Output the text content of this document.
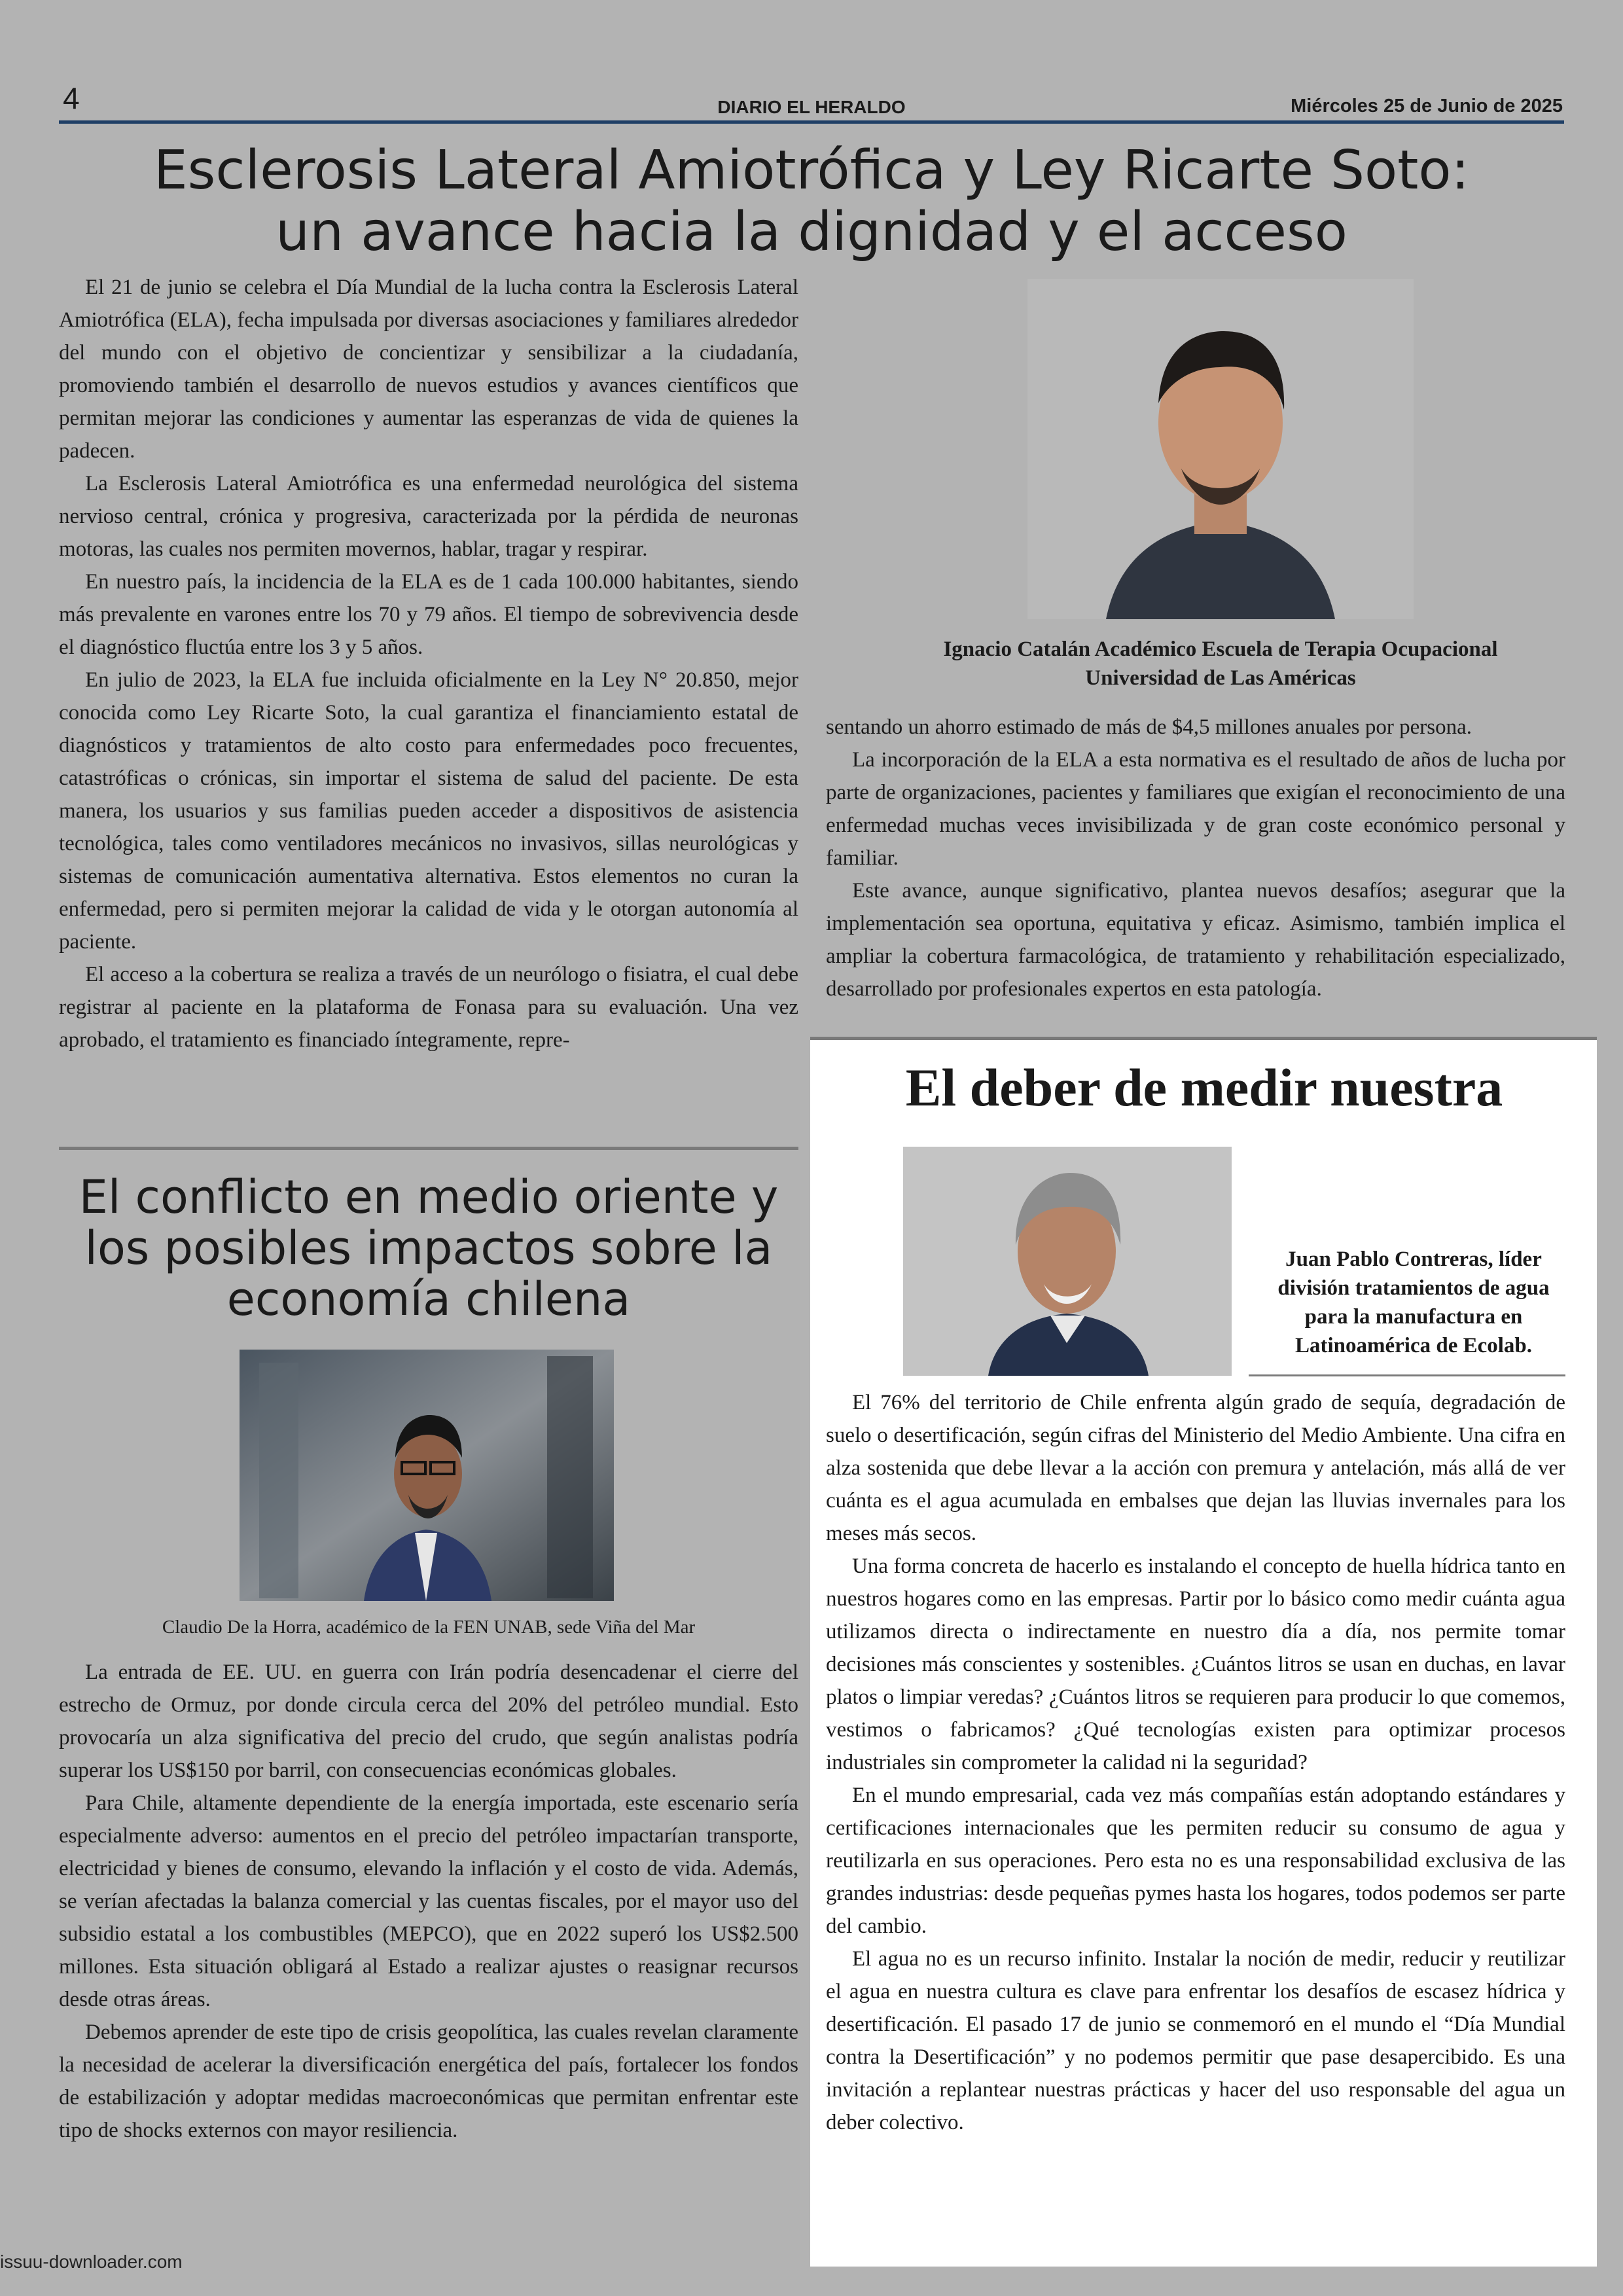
4	DIARIO EL HERALDO	Miércoles 25 de Junio de 2025
Esclerosis Lateral Amiotrófica y Ley Ricarte Soto:
un avance hacia la dignidad y el acceso

El 21 de junio se celebra el Día Mundial de la lucha contra la Esclerosis Lateral Amiotrófica (ELA), fecha impulsada por diversas asociaciones y familiares alrededor del mundo con el objetivo de concientizar y sensibilizar a la ciudadanía, promoviendo también el desarrollo de nuevos estudios y avances científicos que permitan mejorar las condiciones y aumentar las esperanzas de vida de quienes la padecen.

La Esclerosis Lateral Amiotrófica es una enfermedad neurológica del sistema nervioso central, crónica y progresiva, caracterizada por la pérdida de neuronas motoras, las cuales nos permiten movernos, hablar, tragar y respirar.

En nuestro país, la incidencia de la ELA es de 1 cada 100.000 habitantes, siendo más prevalente en varones entre los 70 y 79 años. El tiempo de sobrevivencia desde el diagnóstico fluctúa entre los 3 y 5 años.

En julio de 2023, la ELA fue incluida oficialmente en la Ley N° 20.850, mejor conocida como Ley Ricarte Soto, la cual garantiza el financiamiento estatal de diagnósticos y tratamientos de alto costo para enfermedades poco frecuentes, catastróficas o crónicas, sin importar el sistema de salud del paciente. De esta manera, los usuarios y sus familias pueden acceder a dispositivos de asistencia tecnológica, tales como ventiladores mecánicos no invasivos, sillas neurológicas y sistemas de comunicación aumentativa alternativa. Estos elementos no curan la enfermedad, pero si permiten mejorar la calidad de vida y le otorgan autonomía al paciente.

El acceso a la cobertura se realiza a través de un neurólogo o fisiatra, el cual debe registrar al paciente en la plataforma de Fonasa para su evaluación. Una vez aprobado, el tratamiento es financiado íntegramente, repre-

Ignacio Catalán Académico Escuela de Terapia Ocupacional
Universidad de Las Américas

sentando un ahorro estimado de más de $4,5 millones anuales por persona.

La incorporación de la ELA a esta normativa es el resultado de años de lucha por parte de organizaciones, pacientes y familiares que exigían el reconocimiento de una enfermedad muchas veces invisibilizada y de gran coste económico personal y familiar.

Este avance, aunque significativo, plantea nuevos desafíos; asegurar que la implementación sea oportuna, equitativa y eficaz. Asimismo, también implica el ampliar la cobertura farmacológica, de tratamiento y rehabilitación especializado, desarrollado por profesionales expertos en esta patología.

El conflicto en medio oriente y
los posibles impactos sobre la
economía chilena
Claudio De la Horra, académico de la FEN UNAB, sede Viña del Mar

La entrada de EE. UU. en guerra con Irán podría desencadenar el cierre del estrecho de Ormuz, por donde circula cerca del 20% del petróleo mundial. Esto provocaría un alza significativa del precio del crudo, que según analistas podría superar los US$150 por barril, con consecuencias económicas globales.

Para Chile, altamente dependiente de la energía importada, este escenario sería especialmente adverso: aumentos en el precio del petróleo impactarían transporte, electricidad y bienes de consumo, elevando la inflación y el costo de vida. Además, se verían afectadas la balanza comercial y las cuentas fiscales, por el mayor uso del subsidio estatal a los combustibles (MEPCO), que en 2022 superó los US$2.500 millones. Esta situación obligará al Estado a realizar ajustes o reasignar recursos desde otras áreas.

Debemos aprender de este tipo de crisis geopolítica, las cuales revelan claramente la necesidad de acelerar la diversificación energética del país, fortalecer los fondos de estabilización y adoptar medidas macroeconómicas que permitan enfrentar este tipo de shocks externos con mayor resiliencia.

El deber de medir nuestra
Juan Pablo Contreras, líder
división tratamientos de agua
para la manufactura en
Latinoamérica de Ecolab.

El 76% del territorio de Chile enfrenta algún grado de sequía, degradación de suelo o desertificación, según cifras del Ministerio del Medio Ambiente. Una cifra en alza sostenida que debe llevar a la acción con premura y antelación, más allá de ver cuánta es el agua acumulada en embalses que dejan las lluvias invernales para los meses más secos.

Una forma concreta de hacerlo es instalando el concepto de huella hídrica tanto en nuestros hogares como en las empresas. Partir por lo básico como medir cuánta agua utilizamos directa o indirectamente en nuestro día a día, nos permite tomar decisiones más conscientes y sostenibles. ¿Cuántos litros se usan en duchas, en lavar platos o limpiar veredas? ¿Cuántos litros se requieren para producir lo que comemos, vestimos o fabricamos? ¿Qué tecnologías existen para optimizar procesos industriales sin comprometer la calidad ni la seguridad?

En el mundo empresarial, cada vez más compañías están adoptando estándares y certificaciones internacionales que les permiten reducir su consumo de agua y reutilizarla en sus operaciones. Pero esta no es una responsabilidad exclusiva de las grandes industrias: desde pequeñas pymes hasta los hogares, todos podemos ser parte del cambio.

El agua no es un recurso infinito. Instalar la noción de medir, reducir y reutilizar el agua en nuestra cultura es clave para enfrentar los desafíos de escasez hídrica y desertificación. El pasado 17 de junio se conmemoró en el mundo el “Día Mundial contra la Desertificación” y no podemos permitir que pase desapercibido. Es una invitación a replantear nuestras prácticas y hacer del uso responsable del agua un deber colectivo.

issuu-downloader.com
